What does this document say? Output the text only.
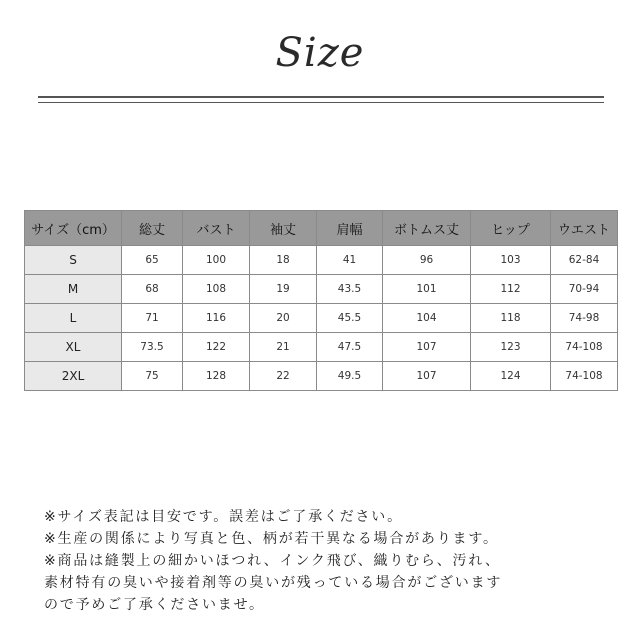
Size
サイズ（cm）	総丈	バスト	袖丈	肩幅	ボトムス丈	ヒップ	ウエスト
S	65	100	18	41	96	103	62-84
M	68	108	19	43.5	101	112	70-94
L	71	116	20	45.5	104	118	74-98
XL	73.5	122	21	47.5	107	123	74-108
2XL	75	128	22	49.5	107	124	74-108
※サイズ表記は目安です。誤差はご了承ください。
※生産の関係により写真と色、柄が若干異なる場合があります。
※商品は縫製上の細かいほつれ、インク飛び、織りむら、汚れ、
素材特有の臭いや接着剤等の臭いが残っている場合がございます
ので予めご了承くださいませ。
